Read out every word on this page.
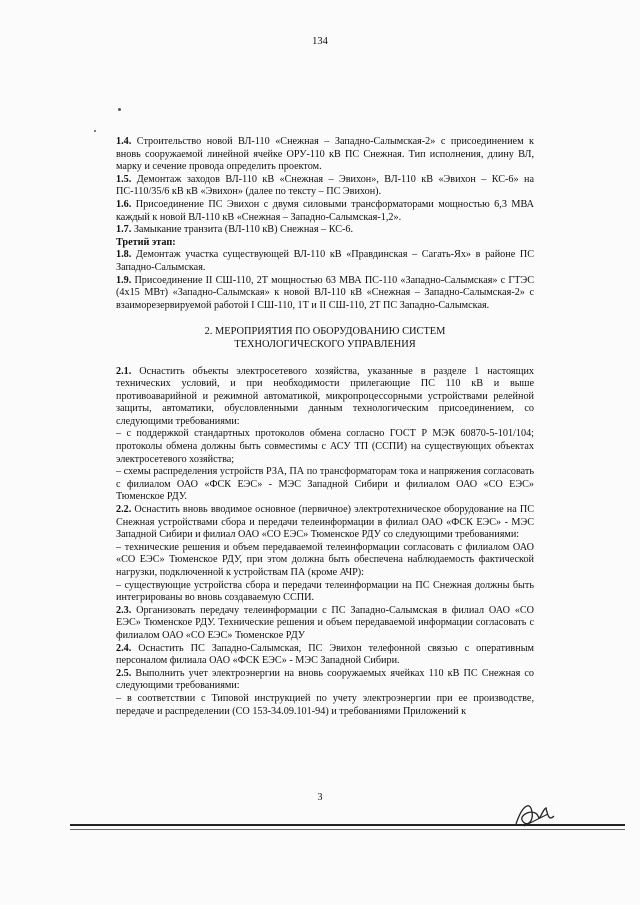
134

1.4. Строительство новой ВЛ-110 «Снежная – Западно-Салымская-2» с присоединением к вновь сооружаемой линейной ячейке ОРУ-110 кВ ПС Снежная. Тип исполнения, длину ВЛ, марку и сечение провода определить проектом.

1.5. Демонтаж заходов ВЛ-110 кВ «Снежная – Эвихон», ВЛ-110 кВ «Эвихон – КС-6» на ПС-110/35/6 кВ кВ «Эвихон» (далее по тексту – ПС Эвихон).

1.6. Присоединение ПС Эвихон с двумя силовыми трансформаторами мощностью 6,3 МВА каждый к новой ВЛ-110 кВ «Снежная – Западно-Салымская-1,2».

1.7. Замыкание транзита (ВЛ-110 кВ) Снежная – КС-6.

Третий этап:

1.8. Демонтаж участка существующей ВЛ-110 кВ «Правдинская – Сагать-Ях» в районе ПС Западно-Салымская.

1.9. Присоединение II СШ-110, 2Т мощностью 63 МВА ПС-110 «Западно-Салымская» с ГТЭС (4х15 МВт) «Западно-Салымская» к новой ВЛ-110 кВ «Снежная – Западно-Салымская-2» с взаиморезервируемой работой I СШ-110, 1Т и II СШ-110, 2Т ПС Западно-Салымская.

2. МЕРОПРИЯТИЯ ПО ОБОРУДОВАНИЮ СИСТЕМ
ТЕХНОЛОГИЧЕСКОГО УПРАВЛЕНИЯ

2.1. Оснастить объекты электросетевого хозяйства, указанные в разделе 1 настоящих технических условий, и при необходимости прилегающие ПС 110 кВ и выше противоаварийной и режимной автоматикой, микропроцессорными устройствами релейной защиты, автоматики, обусловленными данным технологическим присоединением, со следующими требованиями:

– с поддержкой стандартных протоколов обмена согласно ГОСТ Р МЭК 60870-5-101/104; протоколы обмена должны быть совместимы с АСУ ТП (ССПИ) на существующих объектах электросетевого хозяйства;

– схемы распределения устройств РЗА, ПА по трансформаторам тока и напряжения согласовать с филиалом ОАО «ФСК ЕЭС» - МЭС Западной Сибири и филиалом ОАО «СО ЕЭС» Тюменское РДУ.

2.2. Оснастить вновь вводимое основное (первичное) электротехническое оборудование на ПС Снежная устройствами сбора и передачи телеинформации в филиал ОАО «ФСК ЕЭС» - МЭС Западной Сибири и филиал ОАО «СО ЕЭС» Тюменское РДУ со следующими требованиями:

– технические решения и объем передаваемой телеинформации согласовать с филиалом ОАО «СО ЕЭС» Тюменское РДУ, при этом должна быть обеспечена наблюдаемость фактической нагрузки, подключенной к устройствам ПА (кроме АЧР):

– существующие устройства сбора и передачи телеинформации на ПС Снежная должны быть интегрированы во вновь создаваемую ССПИ.

2.3. Организовать передачу телеинформации с ПС Западно-Салымская в филиал ОАО «СО ЕЭС» Тюменское РДУ. Технические решения и объем передаваемой информации согласовать с филиалом ОАО «СО ЕЭС» Тюменское РДУ

2.4. Оснастить ПС Западно-Салымская, ПС Эвихон телефонной связью с оперативным персоналом филиала ОАО «ФСК ЕЭС» - МЭС Западной Сибири.

2.5. Выполнить учет электроэнергии на вновь сооружаемых ячейках 110 кВ ПС Снежная со следующими требованиями:

– в соответствии с Типовой инструкцией по учету электроэнергии при ее производстве, передаче и распределении (СО 153-34.09.101-94) и требованиями Приложений к

3
